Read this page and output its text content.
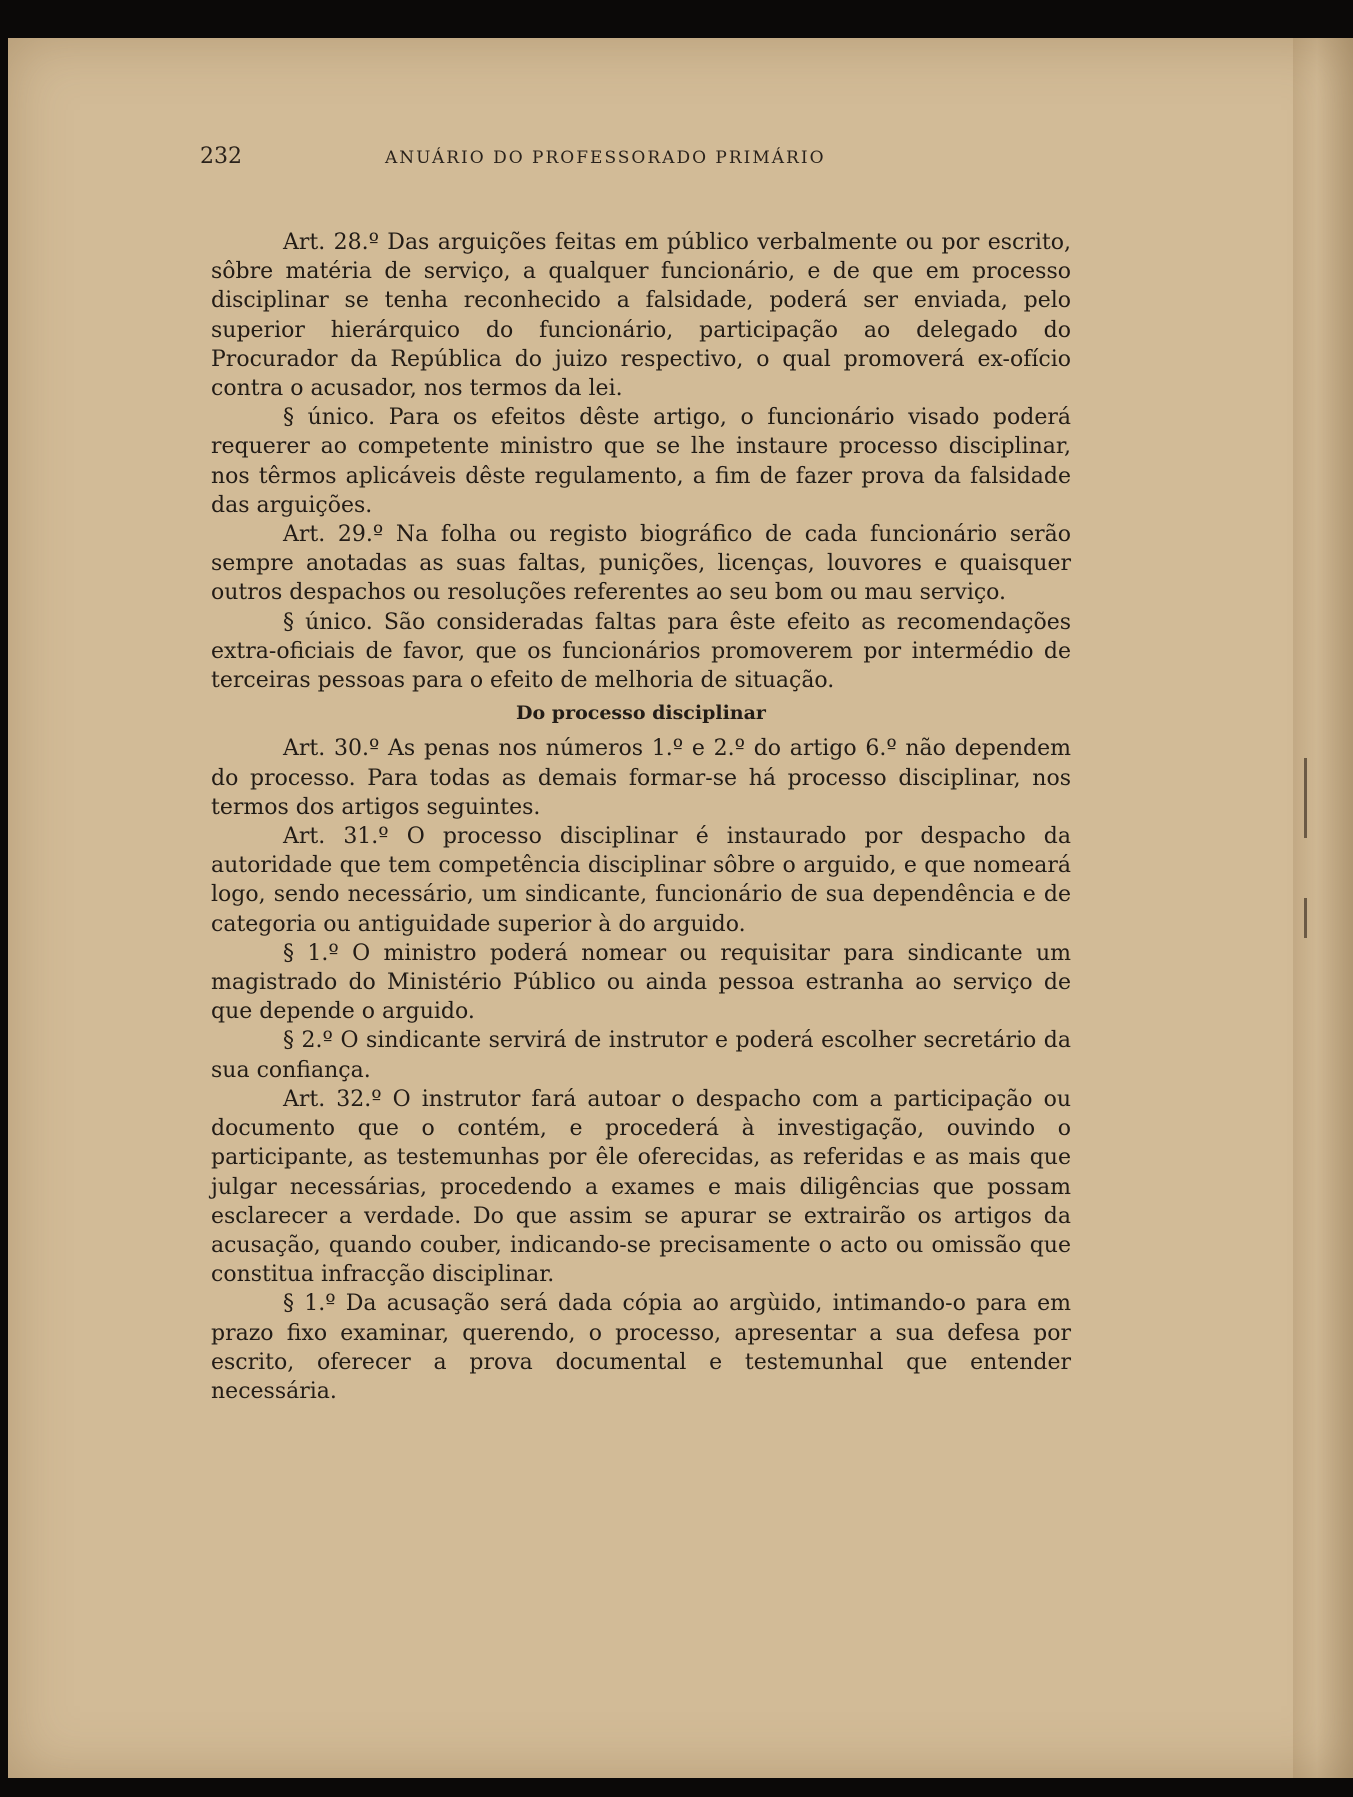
232	ANUÁRIO DO PROFESSORADO PRIMÁRIO

Art. 28.º Das arguições feitas em público verbalmente ou por escrito, sôbre matéria de serviço, a qualquer funcionário, e de que em processo disciplinar se tenha reconhecido a falsidade, poderá ser enviada, pelo superior hierárquico do funcionário, participação ao delegado do Procurador da República do juizo respectivo, o qual promoverá ex-ofício contra o acusador, nos termos da lei.

§ único. Para os efeitos dêste artigo, o funcionário visado poderá requerer ao competente ministro que se lhe instaure processo disciplinar, nos têrmos aplicáveis dêste regulamento, a fim de fazer prova da falsidade das arguições.

Art. 29.º Na folha ou registo biográfico de cada funcionário serão sempre anotadas as suas faltas, punições, licenças, louvores e quaisquer outros despachos ou resoluções referentes ao seu bom ou mau serviço.

§ único. São consideradas faltas para êste efeito as recomendações extra-oficiais de favor, que os funcionários promoverem por intermédio de terceiras pessoas para o efeito de melhoria de situação.

Do processo disciplinar

Art. 30.º As penas nos números 1.º e 2.º do artigo 6.º não dependem do processo. Para todas as demais formar-se há processo disciplinar, nos termos dos artigos seguintes.

Art. 31.º O processo disciplinar é instaurado por despacho da autoridade que tem competência disciplinar sôbre o arguido, e que nomeará logo, sendo necessário, um sindicante, funcionário de sua dependência e de categoria ou antiguidade superior à do arguido.

§ 1.º O ministro poderá nomear ou requisitar para sindicante um magistrado do Ministério Público ou ainda pessoa estranha ao serviço de que depende o arguido.

§ 2.º O sindicante servirá de instrutor e poderá escolher secretário da sua confiança.

Art. 32.º O instrutor fará autoar o despacho com a participação ou documento que o contém, e procederá à investigação, ouvindo o participante, as testemunhas por êle oferecidas, as referidas e as mais que julgar necessárias, procedendo a exames e mais diligências que possam esclarecer a verdade. Do que assim se apurar se extrairão os artigos da acusação, quando couber, indicando-se precisamente o acto ou omissão que constitua infracção disciplinar.

§ 1.º Da acusação será dada cópia ao argùido, intimando-o para em prazo fixo examinar, querendo, o processo, apresentar a sua defesa por escrito, oferecer a prova documental e testemunhal que entender necessária.
